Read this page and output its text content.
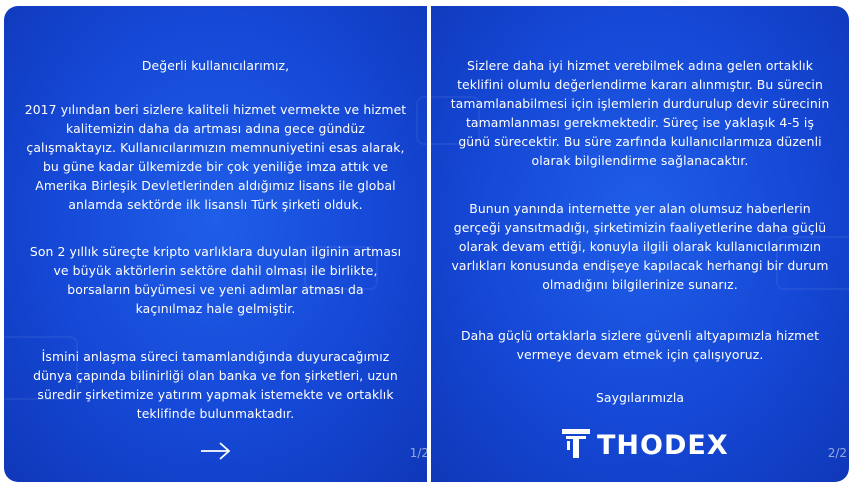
Değerli kullanıcılarımız,
2017 yılından beri sizlere kaliteli hizmet vermekte ve hizmet
kalitemizin daha da artması adına gece gündüz
çalışmaktayız. Kullanıcılarımızın memnuniyetini esas alarak,
bu güne kadar ülkemizde bir çok yeniliğe imza attık ve
Amerika Birleşik Devletlerinden aldığımız lisans ile global
anlamda sektörde ilk lisanslı Türk şirketi olduk.
Son 2 yıllık süreçte kripto varlıklara duyulan ilginin artması
ve büyük aktörlerin sektöre dahil olması ile birlikte,
borsaların büyümesi ve yeni adımlar atması da
kaçınılmaz hale gelmiştir.
İsmini anlaşma süreci tamamlandığında duyuracağımız
dünya çapında bilinirliği olan banka ve fon şirketleri, uzun
süredir şirketimize yatırım yapmak istemekte ve ortaklık
teklifinde bulunmaktadır.
1/2
Sizlere daha iyi hizmet verebilmek adına gelen ortaklık
teklifini olumlu değerlendirme kararı alınmıştır. Bu sürecin
tamamlanabilmesi için işlemlerin durdurulup devir sürecinin
tamamlanması gerekmektedir. Süreç ise yaklaşık 4-5 iş
günü sürecektir. Bu süre zarfında kullanıcılarımıza düzenli
olarak bilgilendirme sağlanacaktır.
Bunun yanında internette yer alan olumsuz haberlerin
gerçeği yansıtmadığı, şirketimizin faaliyetlerine daha güçlü
olarak devam ettiği, konuyla ilgili olarak kullanıcılarımızın
varlıkları konusunda endişeye kapılacak herhangi bir durum
olmadığını bilgilerinize sunarız.
Daha güçlü ortaklarla sizlere güvenli altyapımızla hizmet
vermeye devam etmek için çalışıyoruz.
Saygılarımızla
THODEX	2/2
